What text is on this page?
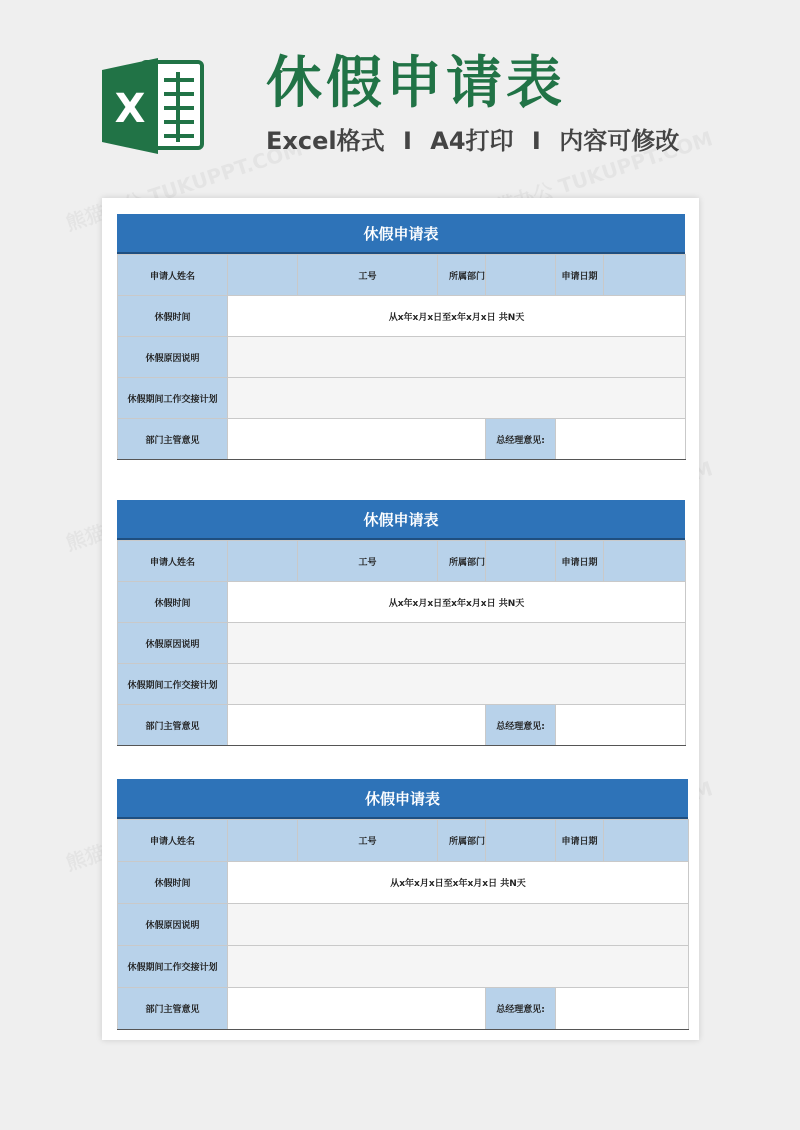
X 休假申请表
Excel格式 I A4打印 I 内容可修改
休假申请表
申请人姓名		工号	所属部门		申请日期	
休假时间	从x年x月x日至x年x月x日 共N天					
休假原因说明						
休假期间工作交接计划						
部门主管意见				总经理意见:		
休假申请表
申请人姓名		工号	所属部门		申请日期	
休假时间	从x年x月x日至x年x月x日 共N天					
休假原因说明						
休假期间工作交接计划						
部门主管意见				总经理意见:		
休假申请表
申请人姓名		工号	所属部门		申请日期	
休假时间	从x年x月x日至x年x月x日 共N天					
休假原因说明						
休假期间工作交接计划						
部门主管意见				总经理意见:		
